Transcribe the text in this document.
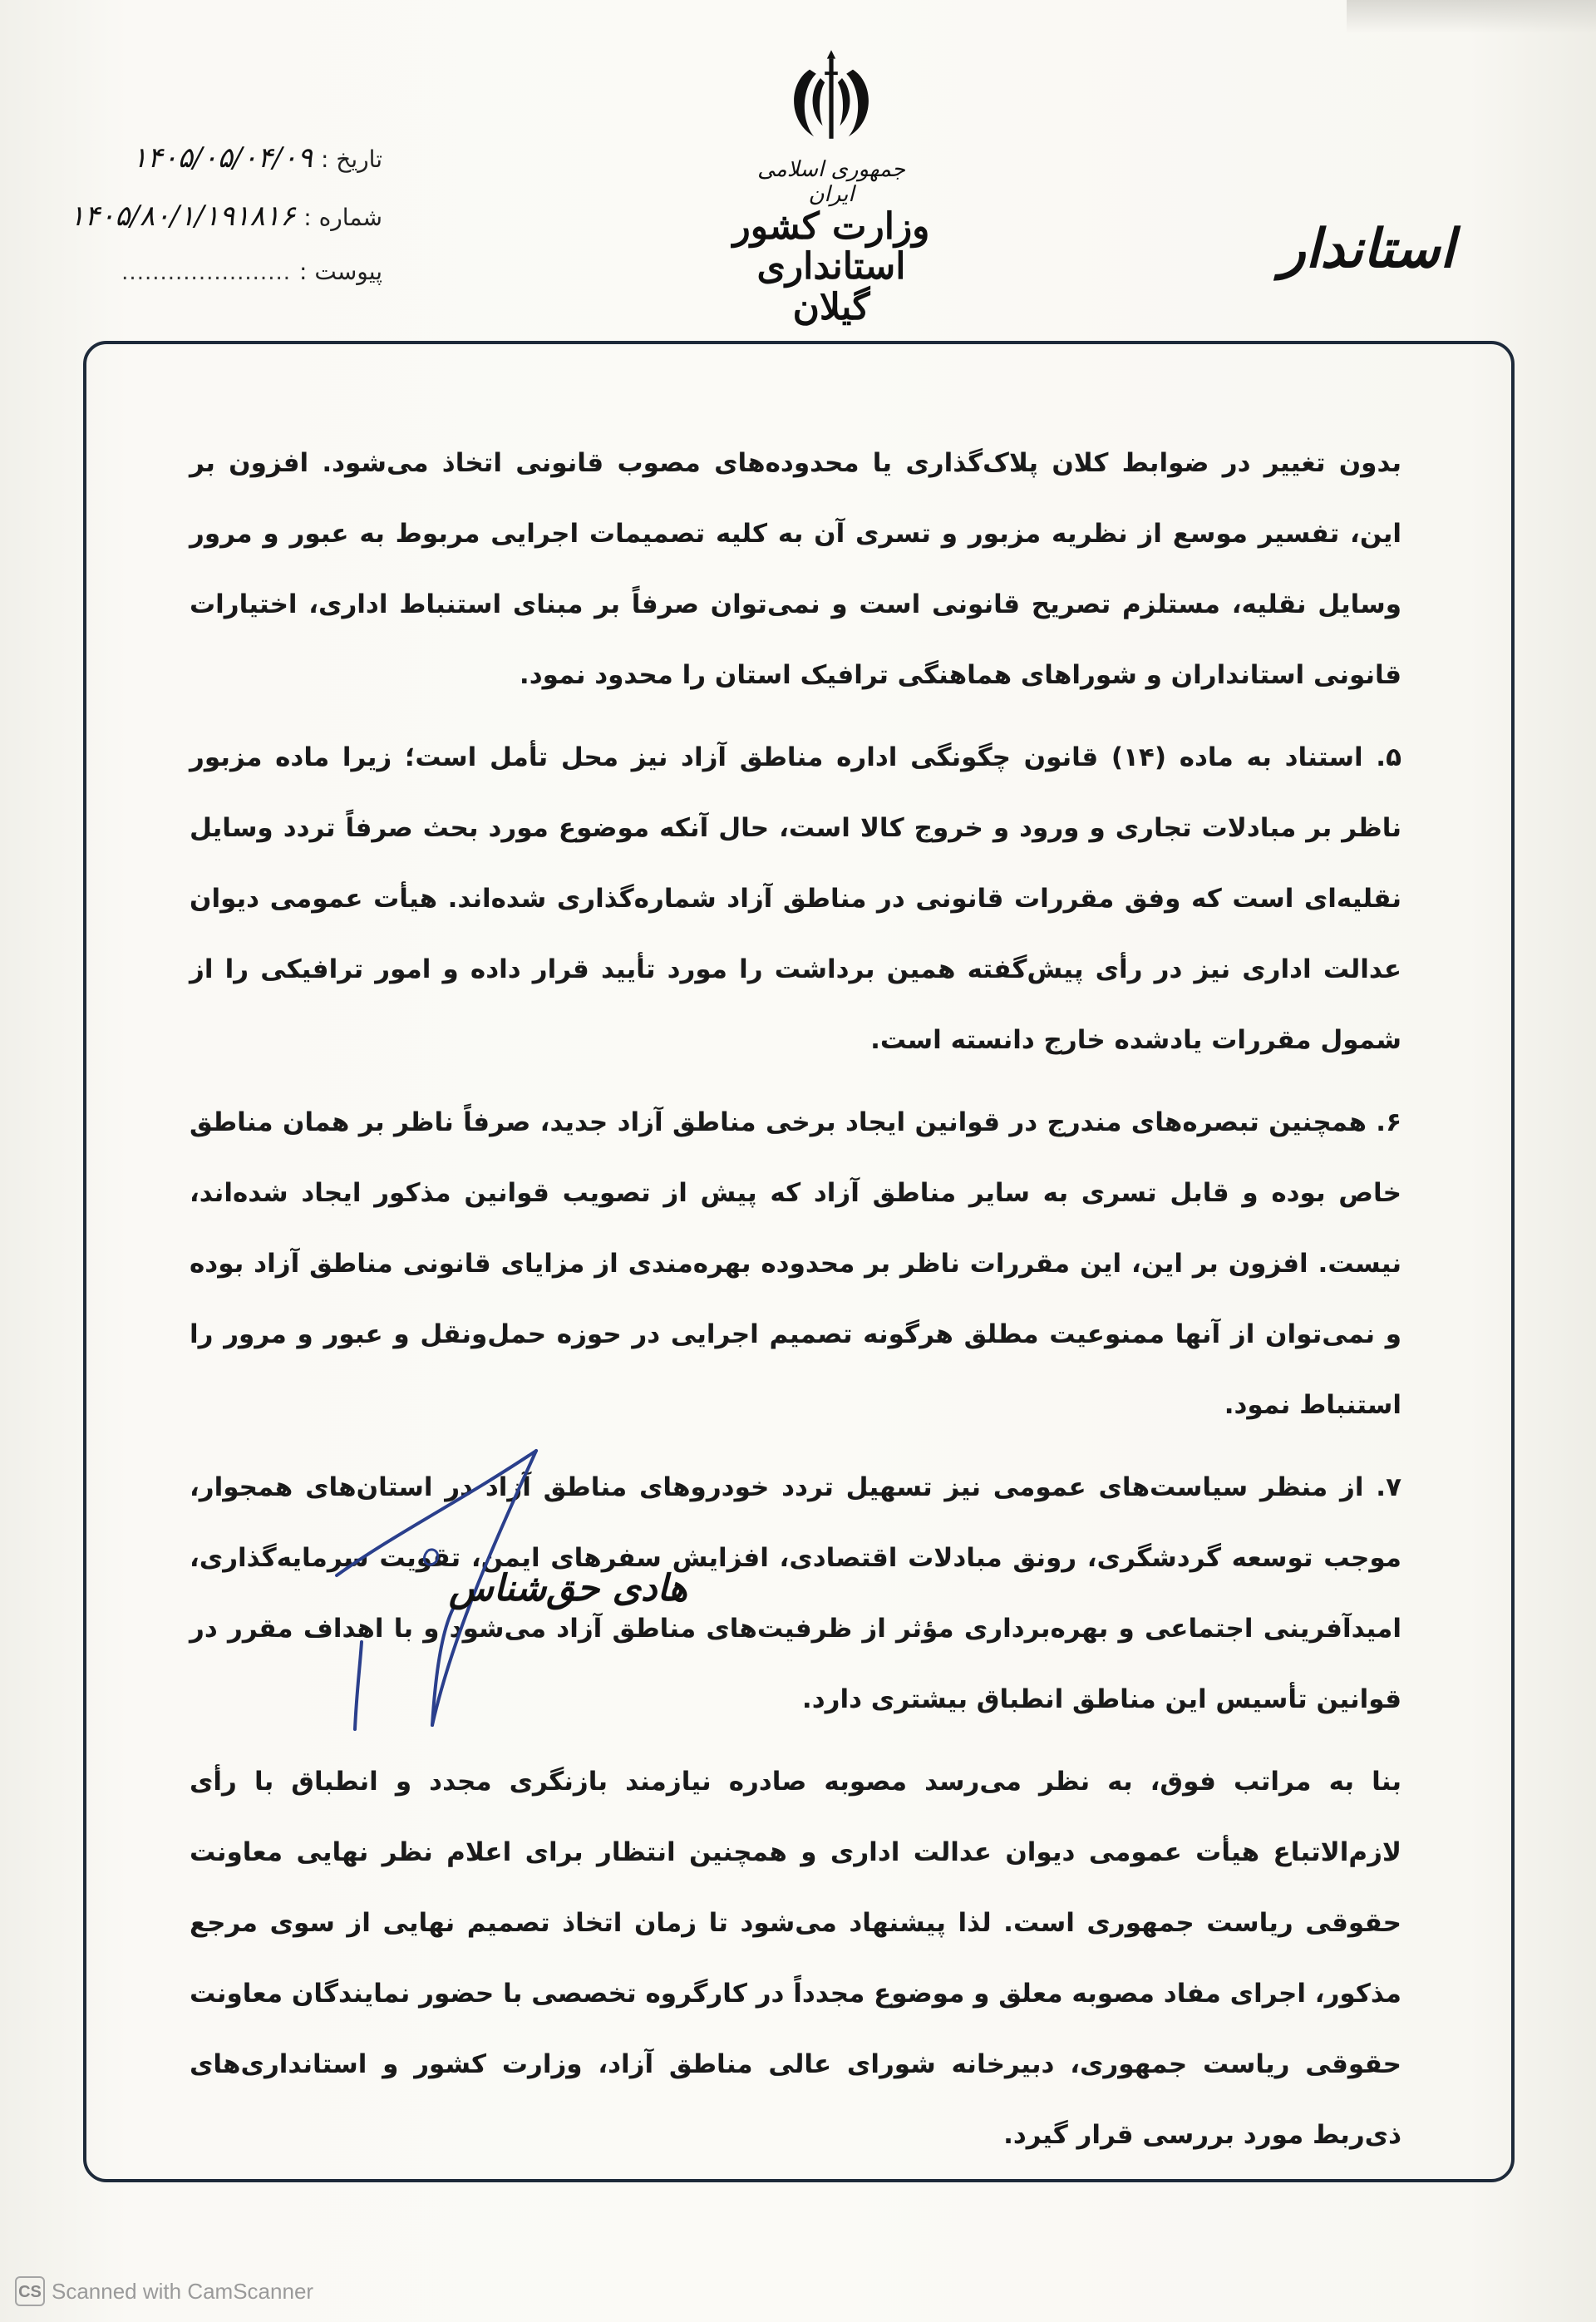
جمهوری اسلامی ایران
وزارت کشور
استانداری گیلان
استاندار
تاریخ :
۱۴۰۵/۰۵/۰۴/۰۹
شماره :
۱۴۰۵/۸۰/۱/۱۹۱۸۱۶
پیوست :
......................

بدون تغییر در ضوابط کلان پلاک‌گذاری یا محدوده‌های مصوب قانونی اتخاذ می‌شود. افزون بر این، تفسیر موسع از نظریه مزبور و تسری آن به کلیه تصمیمات اجرایی مربوط به عبور و مرور وسایل نقلیه، مستلزم تصریح قانونی است و نمی‌توان صرفاً بر مبنای استنباط اداری، اختیارات قانونی استانداران و شوراهای هماهنگی ترافیک استان را محدود نمود.

۵. استناد به ماده (۱۴) قانون چگونگی اداره مناطق آزاد نیز محل تأمل است؛ زیرا ماده مزبور ناظر بر مبادلات تجاری و ورود و خروج کالا است، حال آنکه موضوع مورد بحث صرفاً تردد وسایل نقلیه‌ای است که وفق مقررات قانونی در مناطق آزاد شماره‌گذاری شده‌اند. هیأت عمومی دیوان عدالت اداری نیز در رأی پیش‌گفته همین برداشت را مورد تأیید قرار داده و امور ترافیکی را از شمول مقررات یادشده خارج دانسته است.

۶. همچنین تبصره‌های مندرج در قوانین ایجاد برخی مناطق آزاد جدید، صرفاً ناظر بر همان مناطق خاص بوده و قابل تسری به سایر مناطق آزاد که پیش از تصویب قوانین مذکور ایجاد شده‌اند، نیست. افزون بر این، این مقررات ناظر بر محدوده بهره‌مندی از مزایای قانونی مناطق آزاد بوده و نمی‌توان از آنها ممنوعیت مطلق هرگونه تصمیم اجرایی در حوزه حمل‌ونقل و عبور و مرور را استنباط نمود.

۷. از منظر سیاست‌های عمومی نیز تسهیل تردد خودروهای مناطق آزاد در استان‌های همجوار، موجب توسعه گردشگری، رونق مبادلات اقتصادی، افزایش سفرهای ایمن، تقویت سرمایه‌گذاری، امیدآفرینی اجتماعی و بهره‌برداری مؤثر از ظرفیت‌های مناطق آزاد می‌شود و با اهداف مقرر در قوانین تأسیس این مناطق انطباق بیشتری دارد.

بنا به مراتب فوق، به نظر می‌رسد مصوبه صادره نیازمند بازنگری مجدد و انطباق با رأی لازم‌الاتباع هیأت عمومی دیوان عدالت اداری و همچنین انتظار برای اعلام نظر نهایی معاونت حقوقی ریاست جمهوری است. لذا پیشنهاد می‌شود تا زمان اتخاذ تصمیم نهایی از سوی مرجع مذکور، اجرای مفاد مصوبه معلق و موضوع مجدداً در کارگروه تخصصی با حضور نمایندگان معاونت حقوقی ریاست جمهوری، دبیرخانه شورای عالی مناطق آزاد، وزارت کشور و استانداری‌های ذی‌ربط مورد بررسی قرار گیرد.

هادی حق‌شناس
CS Scanned with CamScanner
